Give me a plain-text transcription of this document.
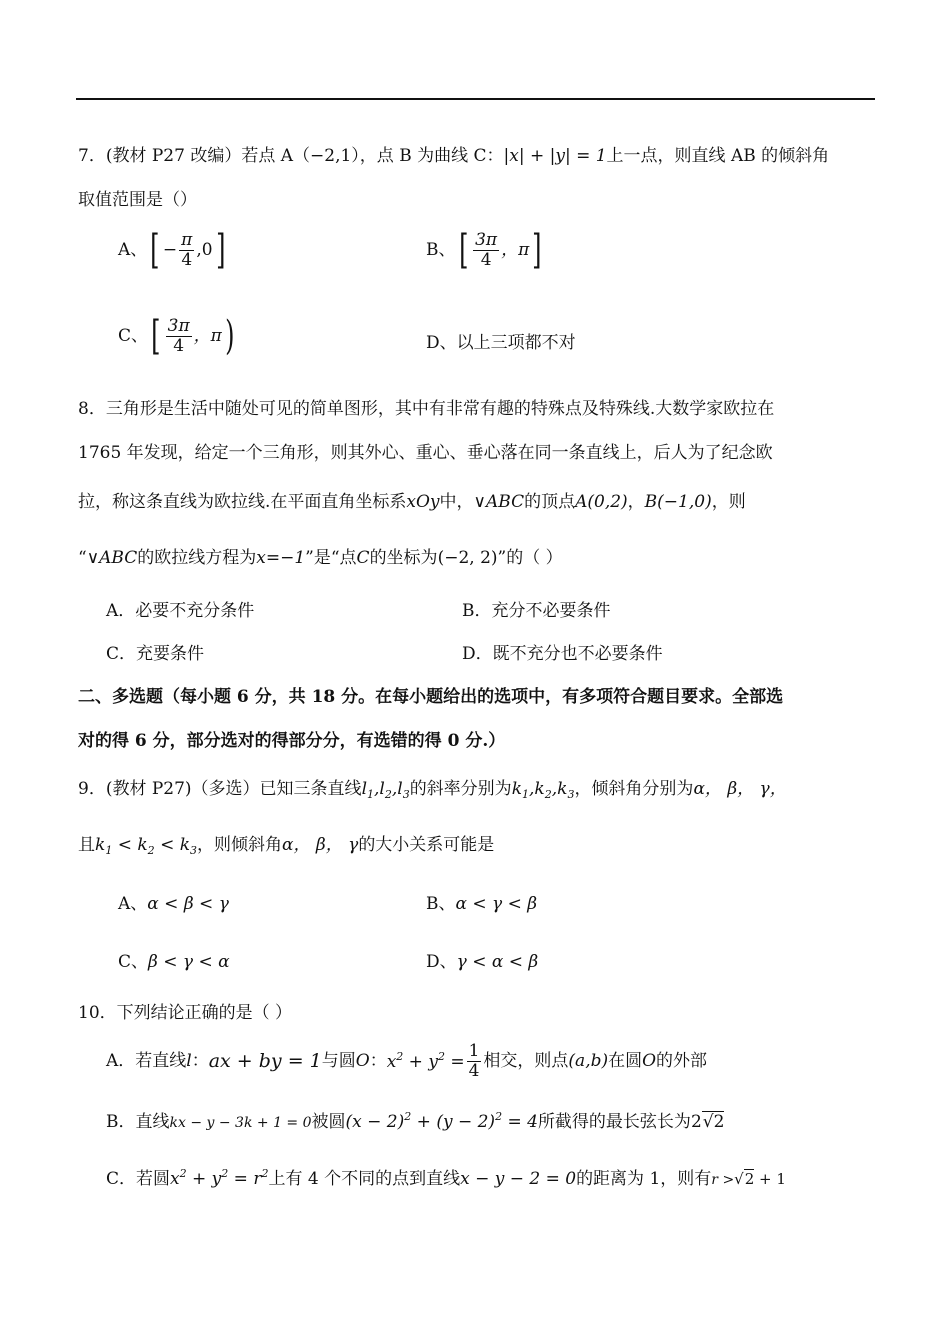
7．(教材 P27 改编）若点 A（−2,1），点 B 为曲线 C：|x| + |y| = 1上一点，则直线 AB 的倾斜角
取值范围是（）
A、 [ − $\frac{\pi}{4} ,0$ ]	B、 [ $\frac{3\pi}{4}$ ，π ]
C、 [ $\frac{3\pi}{4}$ ，π )	D、以上三项都不对
8．三角形是生活中随处可见的简单图形，其中有非常有趣的特殊点及特殊线.大数学家欧拉在
1765 年发现，给定一个三角形，则其外心、重心、垂心落在同一条直线上，后人为了纪念欧
拉，称这条直线为欧拉线.在平面直角坐标系xOy中，∨ABC的顶点A(0,2)，B(−1,0)，则
“∨ABC的欧拉线方程为x=−1”是“点C的坐标为(−2, 2)”的（ ）
A．必要不充分条件	B．充分不必要条件
C．充要条件	D．既不充分也不必要条件
二、多选题（每小题 6 分，共 18 分。在每小题给出的选项中，有多项符合题目要求。全部选
对的得 6 分，部分选对的得部分分，有选错的得 0 分.）
9．(教材 P27)（多选）已知三条直线$l_1,l_2,l_3$的斜率分别为$k_1,k_2,k_3$，倾斜角分别为α， β， γ，
且$k_1 < k_2 < k_3$，则倾斜角α， β， γ的大小关系可能是
A、α < β < γ	B、α < γ < β
C、β < γ < α	D、γ < α < β
10．下列结论正确的是（ ）
A．若直线 l ： ax + by = 1 与圆 O ： $x^2 + y^2 = \frac{1}{4}$ 相交，则点 (a,b) 在圆 O 的外部
B．直线kx − y − 3k + 1 = 0被圆$(x - 2)^2 + (y - 2)^2 = 4$所截得的最长弦长为2√2
C．若圆$x^2 + y^2 = r^2$上有 4 个不同的点到直线x − y − 2 = 0的距离为 1，则有r >√2 + 1
